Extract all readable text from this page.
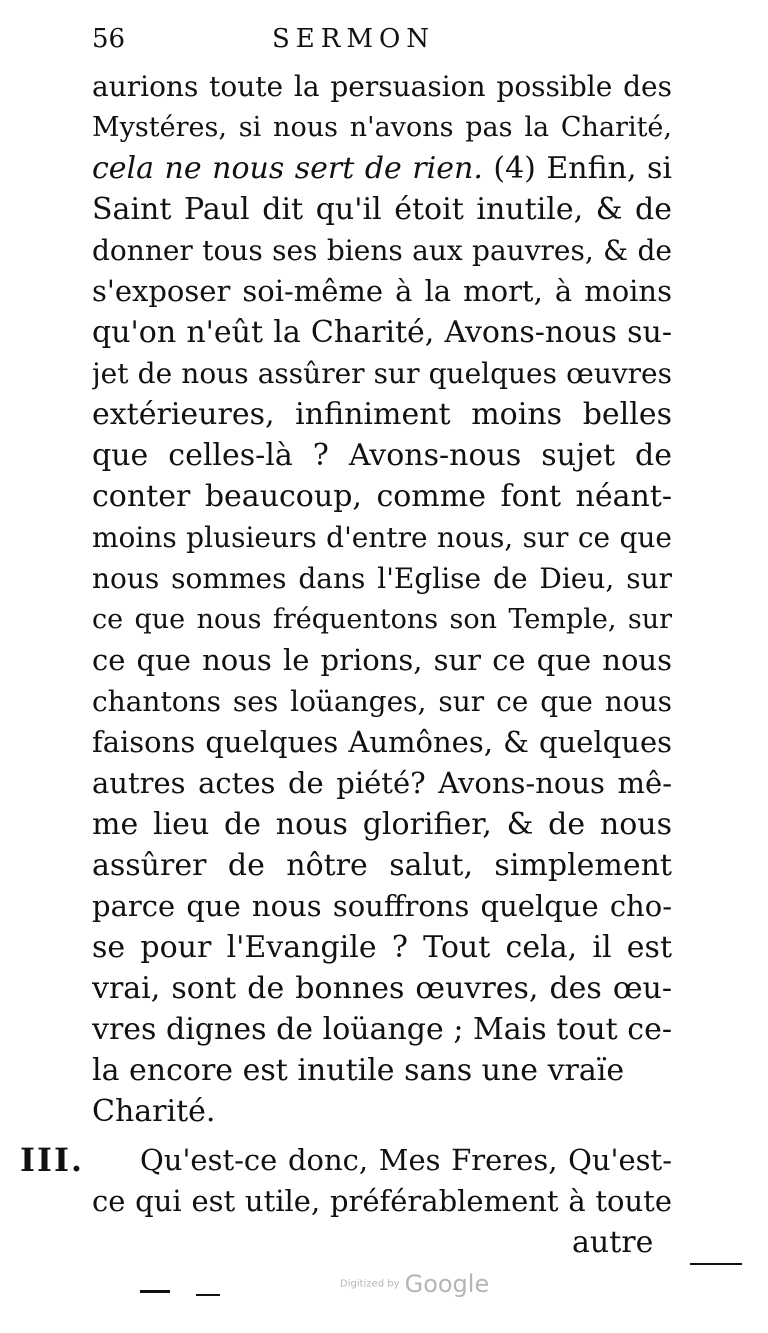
56	SERMON
aurions toute la persuasion possible des
Mystéres, si nous n'avons pas la Charité,
cela ne nous sert de rien. (4) Enfin, si
Saint Paul dit qu'il étoit inutile, & de
donner tous ses biens aux pauvres, & de
s'exposer soi-même à la mort, à moins
qu'on n'eût la Charité, Avons-nous su-
jet de nous assûrer sur quelques œuvres
extérieures, infiniment moins belles
que celles-là ? Avons-nous sujet de
conter beaucoup, comme font néant-
moins plusieurs d'entre nous, sur ce que
nous sommes dans l'Eglise de Dieu, sur
ce que nous fréquentons son Temple, sur
ce que nous le prions, sur ce que nous
chantons ses loüanges, sur ce que nous
faisons quelques Aumônes, & quelques
autres actes de piété? Avons-nous mê-
me lieu de nous glorifier, & de nous
assûrer de nôtre salut, simplement
parce que nous souffrons quelque cho-
se pour l'Evangile ? Tout cela, il est
vrai, sont de bonnes œuvres, des œu-
vres dignes de loüange ; Mais tout ce-
la encore est inutile sans une vraïe
Charité.
III.	Qu'est-ce donc, Mes Freres, Qu'est-
ce qui est utile, préférablement à toute
autre
Digitized by Google
